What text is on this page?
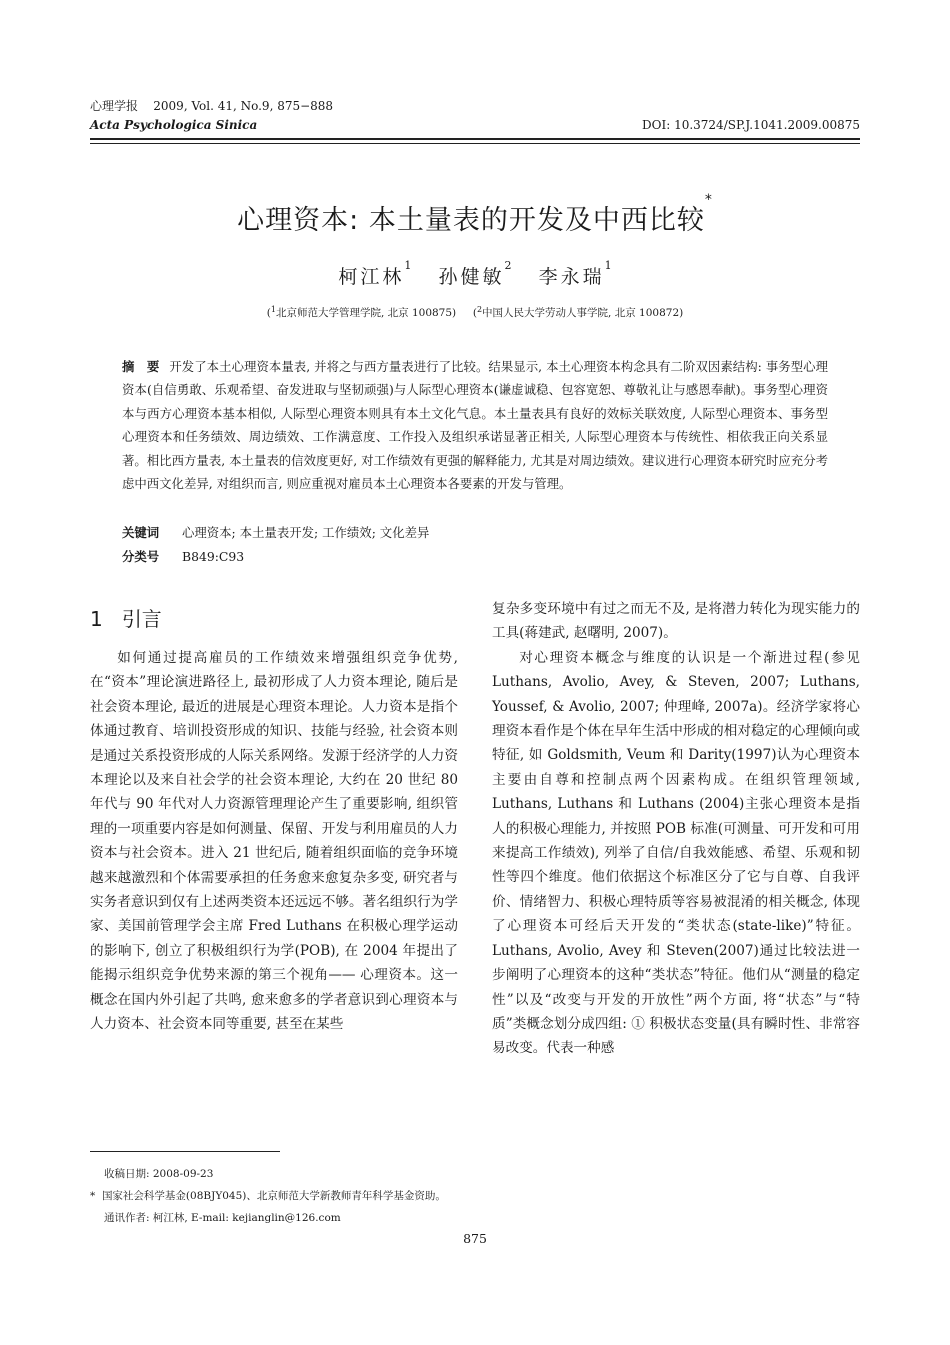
心理学报 2009, Vol. 41, No.9, 875−888
Acta Psychologica Sinica	DOI: 10.3724/SP.J.1041.2009.00875
心理资本: 本土量表的开发及中西比较*
柯江林$^1$   孙健敏$^2$   李永瑞$^1$
($^1$北京师范大学管理学院, 北京 100875)     ($^2$中国人民大学劳动人事学院, 北京 100872)
摘　要 开发了本土心理资本量表, 并将之与西方量表进行了比较。结果显示, 本土心理资本构念具有二阶双因素结构: 事务型心理资本(自信勇敢、乐观希望、奋发进取与坚韧顽强)与人际型心理资本(谦虚诚稳、包容宽恕、尊敬礼让与感恩奉献)。事务型心理资本与西方心理资本基本相似, 人际型心理资本则具有本土文化气息。本土量表具有良好的效标关联效度, 人际型心理资本、事务型心理资本和任务绩效、周边绩效、工作满意度、工作投入及组织承诺显著正相关, 人际型心理资本与传统性、相依我正向关系显著。相比西方量表, 本土量表的信效度更好, 对工作绩效有更强的解释能力, 尤其是对周边绩效。建议进行心理资本研究时应充分考虑中西文化差异, 对组织而言, 则应重视对雇员本土心理资本各要素的开发与管理。
关键词 心理资本; 本土量表开发; 工作绩效; 文化差异
分类号 B849:C93
1 引言

如何通过提高雇员的工作绩效来增强组织竞争优势, 在“资本”理论演进路径上, 最初形成了人力资本理论, 随后是社会资本理论, 最近的进展是心理资本理论。人力资本是指个体通过教育、培训投资形成的知识、技能与经验, 社会资本则是通过关系投资形成的人际关系网络。发源于经济学的人力资本理论以及来自社会学的社会资本理论, 大约在 20 世纪 80 年代与 90 年代对人力资源管理理论产生了重要影响, 组织管理的一项重要内容是如何测量、保留、开发与利用雇员的人力资本与社会资本。进入 21 世纪后, 随着组织面临的竞争环境越来越激烈和个体需要承担的任务愈来愈复杂多变, 研究者与实务者意识到仅有上述两类资本还远远不够。著名组织行为学家、美国前管理学会主席 Fred Luthans 在积极心理学运动的影响下, 创立了积极组织行为学(POB), 在 2004 年提出了能揭示组织竞争优势来源的第三个视角—— 心理资本。这一概念在国内外引起了共鸣, 愈来愈多的学者意识到心理资本与人力资本、社会资本同等重要, 甚至在某些

复杂多变环境中有过之而无不及, 是将潜力转化为现实能力的工具(蒋建武, 赵曙明, 2007)。

对心理资本概念与维度的认识是一个渐进过程(参见 Luthans, Avolio, Avey, & Steven, 2007; Luthans, Youssef, & Avolio, 2007; 仲理峰, 2007a)。经济学家将心理资本看作是个体在早年生活中形成的相对稳定的心理倾向或特征, 如 Goldsmith, Veum 和 Darity(1997)认为心理资本主要由自尊和控制点两个因素构成。在组织管理领域, Luthans, Luthans 和 Luthans (2004)主张心理资本是指人的积极心理能力, 并按照 POB 标准(可测量、可开发和可用来提高工作绩效), 列举了自信/自我效能感、希望、乐观和韧性等四个维度。他们依据这个标准区分了它与自尊、自我评价、情绪智力、积极心理特质等容易被混淆的相关概念, 体现了心理资本可经后天开发的“类状态(state-like)”特征。Luthans, Avolio, Avey 和 Steven(2007)通过比较法进一步阐明了心理资本的这种“类状态”特征。他们从“测量的稳定性”以及“改变与开发的开放性”两个方面, 将“状态”与“特质”类概念划分成四组: ① 积极状态变量(具有瞬时性、非常容易改变。代表一种感

收稿日期: 2008-09-23
* 国家社会科学基金(08BJY045)、北京师范大学新教师青年科学基金资助。
通讯作者: 柯江林, E-mail: kejianglin@126.com
875
